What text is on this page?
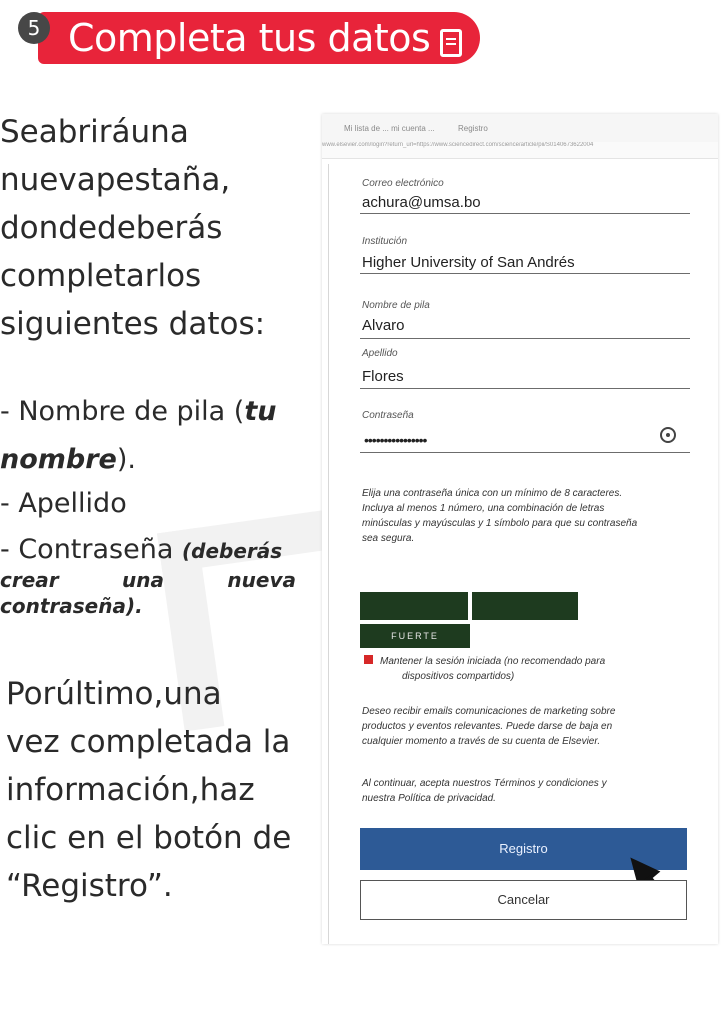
5 Completa tus datos
Seabriráuna
nuevapestaña,
dondedeberás
completarlos
siguientes datos:
- Nombre de pila (tu
nombre).
- Apellido
- Contraseña (deberás
crear	una	nueva
contraseña).
Porúltimo,una
vez completada la
información,haz
clic en el botón de
“Registro”.
Mi lista de ... mi cuenta ...	Registro
www.elsevier.com/login?return_url=https://www.sciencedirect.com/science/article/pii/S0140673622004
Correo electrónico
achura@umsa.bo
Institución
Higher University of San Andrés
Nombre de pila
Alvaro
Apellido
Flores
Contraseña
••••••••••••••••
Elija una contraseña única con un mínimo de 8 caracteres.
Incluya al menos 1 número, una combinación de letras
minúsculas y mayúsculas y 1 símbolo para que su contraseña
sea segura.
FUERTE
Mantener la sesión iniciada (no recomendado para
dispositivos compartidos)
Deseo recibir emails comunicaciones de marketing sobre
productos y eventos relevantes. Puede darse de baja en
cualquier momento a través de su cuenta de Elsevier.
Al continuar, acepta nuestros Términos y condiciones y
nuestra Política de privacidad.
Registro
Cancelar
